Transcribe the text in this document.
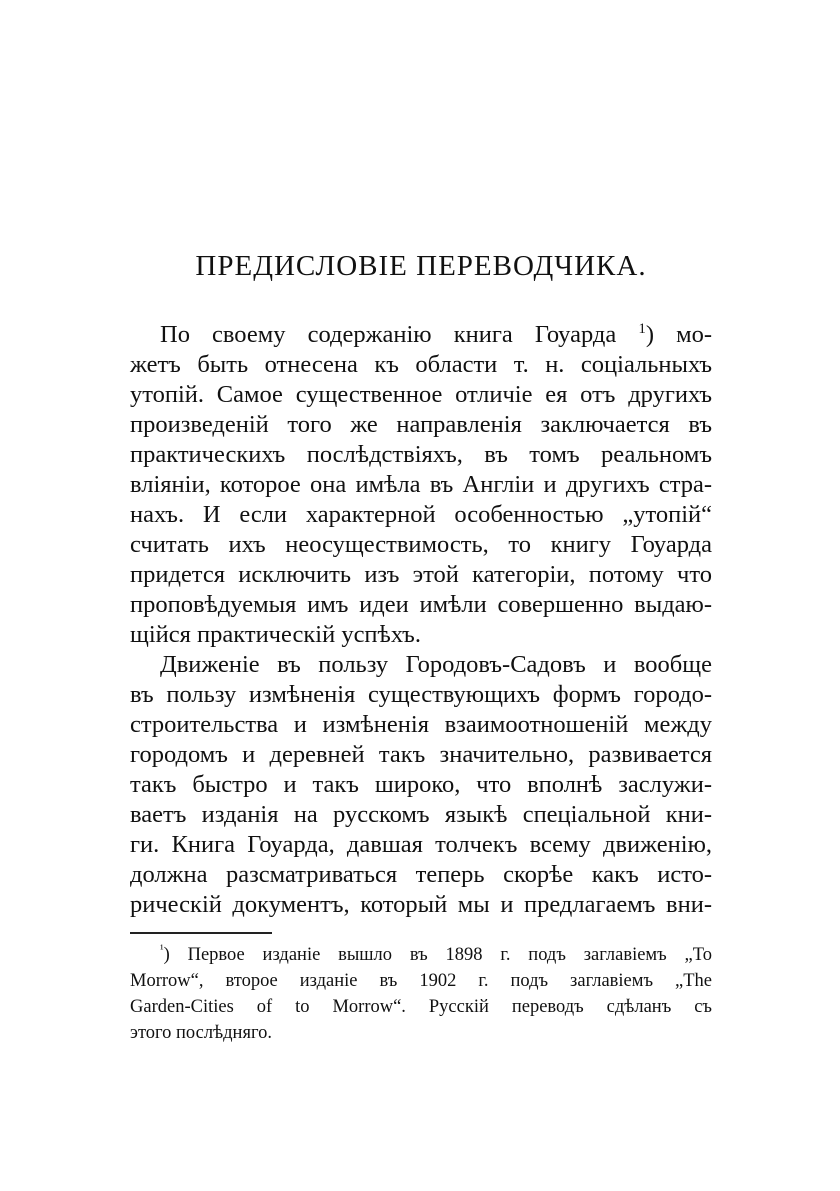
ПРЕДИСЛОВІЕ ПЕРЕВОДЧИКА.
По своему содержанію книга Гоуарда $^1$) мо-
жетъ быть отнесена къ области т. н. соціальныхъ
утопій. Самое существенное отличіе ея отъ другихъ
произведеній того же направленія заключается въ
практическихъ послѣдствіяхъ, въ томъ реальномъ
вліяніи, которое она имѣла въ Англіи и другихъ стра-
нахъ. И если характерной особенностью „утопій“
считать ихъ неосуществимость, то книгу Гоуарда
придется исключить изъ этой категоріи, потому что
проповѣдуемыя имъ идеи имѣли совершенно выдаю-
щійся практическій успѣхъ.
Движеніе въ пользу Городовъ-Садовъ и вообще
въ пользу измѣненія существующихъ формъ городо-
строительства и измѣненія взаимоотношеній между
городомъ и деревней такъ значительно, развивается
такъ быстро и такъ широко, что вполнѣ заслужи-
ваетъ изданія на русскомъ языкѣ спеціальной кни-
ги. Книга Гоуарда, давшая толчекъ всему движенію,
должна разсматриваться теперь скорѣе какъ исто-
рическій документъ, который мы и предлагаемъ вни-
$^{^1}$) Первое изданіе вышло въ 1898 г. подъ заглавіемъ „To
Morrow“, второе изданіе въ 1902 г. подъ заглавіемъ „The
Garden-Cities of to Morrow“. Русскій переводъ сдѣланъ съ
этого послѣдняго.
